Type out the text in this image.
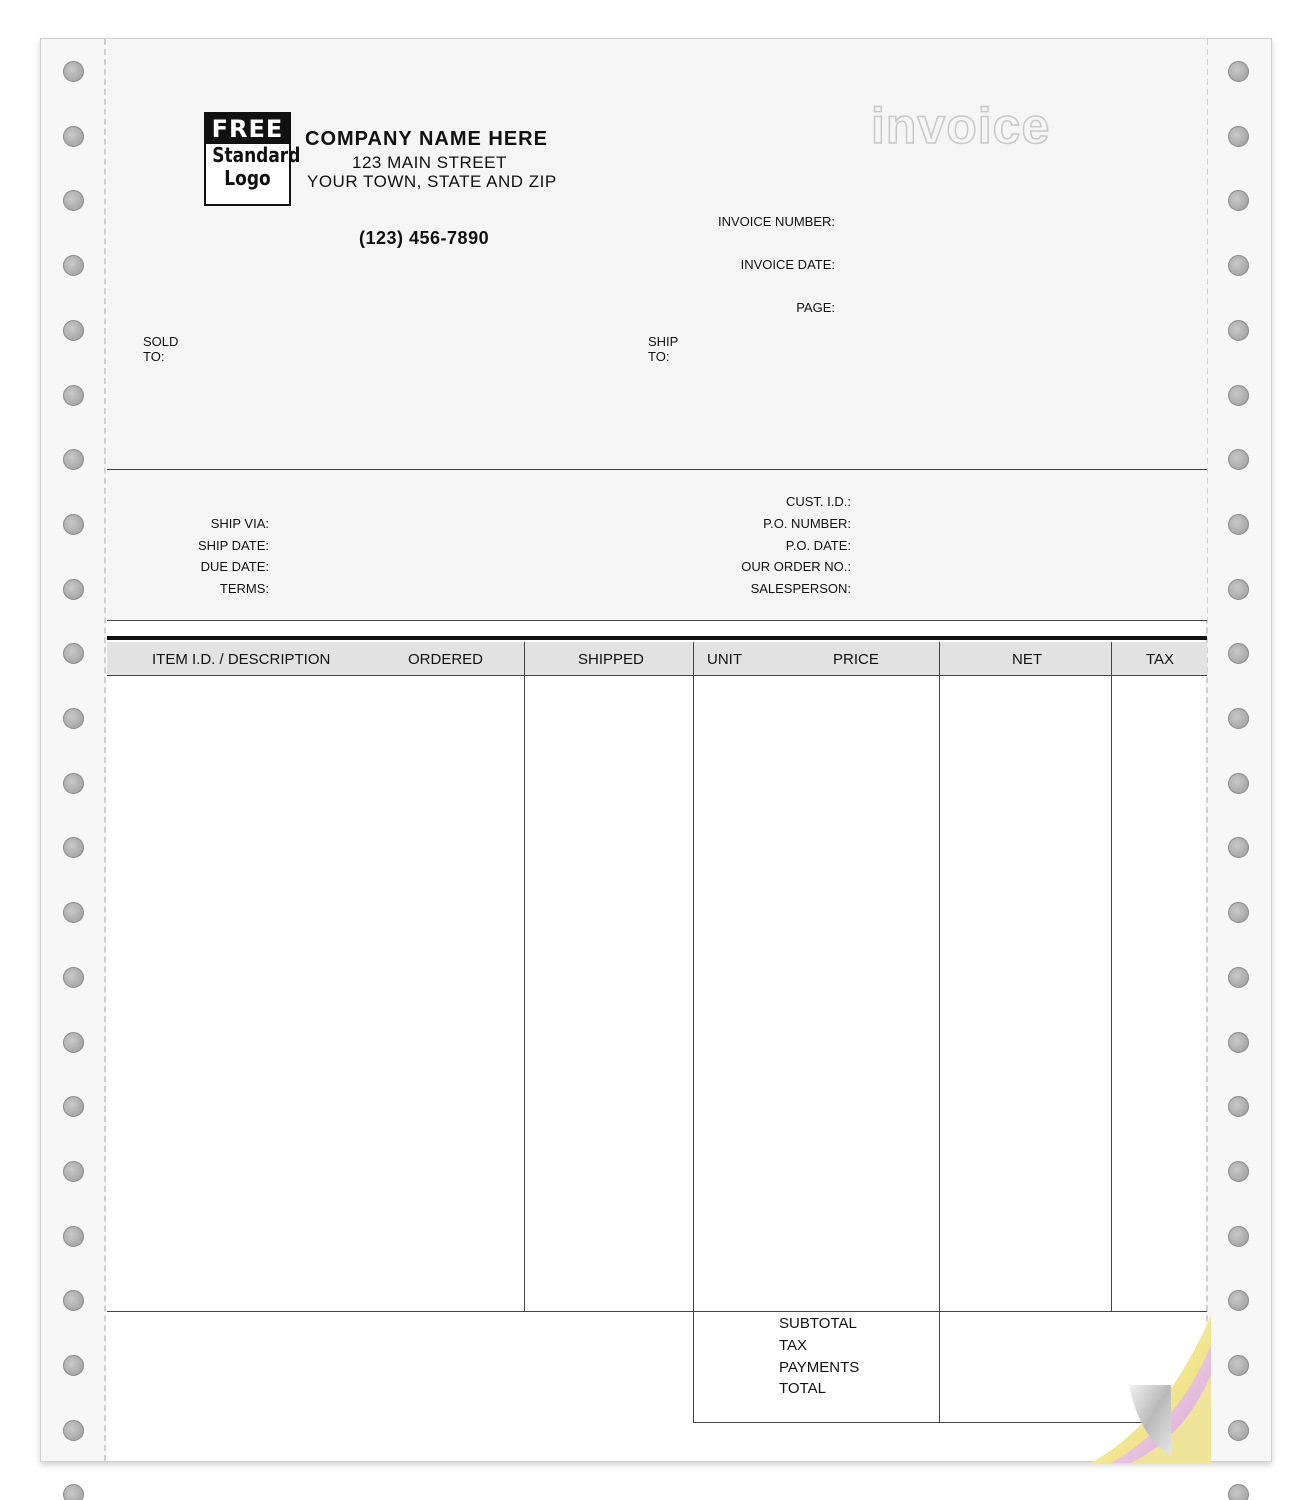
FREE
Standard
Logo
COMPANY NAME HERE
123 MAIN STREET
YOUR TOWN, STATE AND ZIP
(123) 456-7890
invoice
INVOICE NUMBER:
INVOICE DATE:
PAGE:
SOLD
TO:
SHIP
TO:
SHIP VIA:
SHIP DATE:
DUE DATE:
TERMS:
CUST. I.D.:
P.O. NUMBER:
P.O. DATE:
OUR ORDER NO.:
SALESPERSON:
ITEM I.D. / DESCRIPTION	ORDERED	SHIPPED	UNIT	PRICE	NET	TAX
SUBTOTAL
TAX
PAYMENTS
TOTAL
